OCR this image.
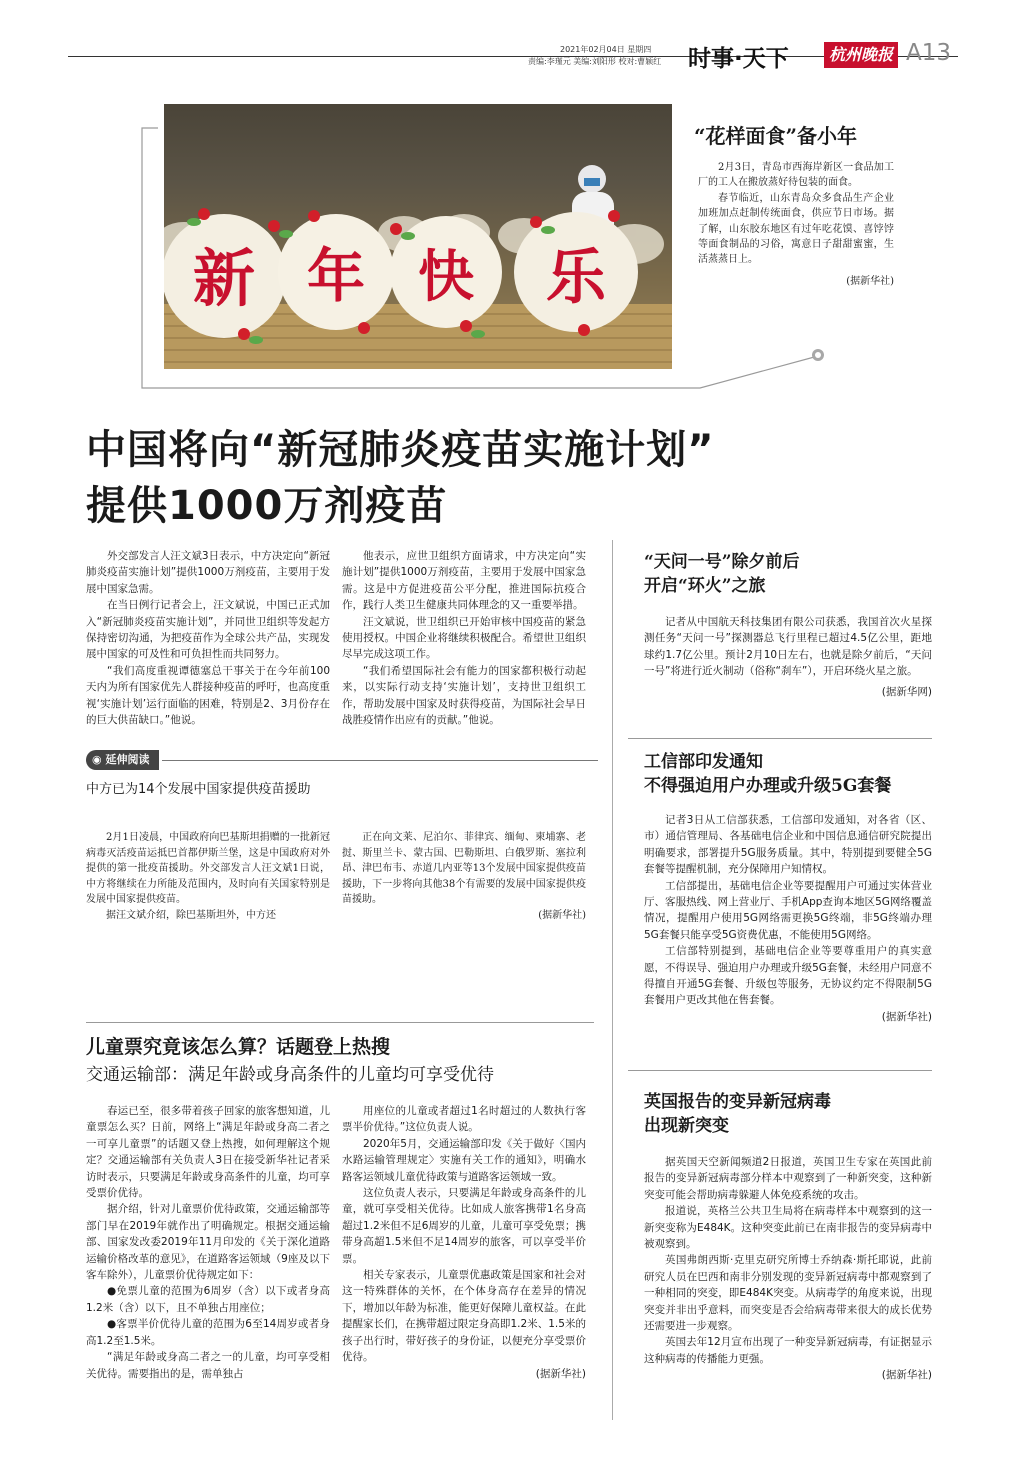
2021年02月04日 星期四
责编:李瑾元 美编:刘阳形 校对:曹颖红 时事·天下	杭州晚报 A13
新 年 快 乐
“花样面食”备小年

2月3日，青岛市西海岸新区一食品加工厂的工人在搬放蒸好待包装的面食。

春节临近，山东青岛众多食品生产企业加班加点赶制传统面食，供应节日市场。据了解，山东胶东地区有过年吃花馍、喜饽饽等面食制品的习俗，寓意日子甜甜蜜蜜，生活蒸蒸日上。

(据新华社)
中国将向“新冠肺炎疫苗实施计划”
提供1000万剂疫苗

外交部发言人汪文斌3日表示，中方决定向“新冠肺炎疫苗实施计划”提供1000万剂疫苗，主要用于发展中国家急需。

在当日例行记者会上，汪文斌说，中国已正式加入“新冠肺炎疫苗实施计划”，并同世卫组织等发起方保持密切沟通，为把疫苗作为全球公共产品，实现发展中国家的可及性和可负担性而共同努力。

“我们高度重视谭德塞总干事关于在今年前100天内为所有国家优先人群接种疫苗的呼吁，也高度重视‘实施计划’运行面临的困难，特别是2、3月份存在的巨大供苗缺口。”他说。

他表示，应世卫组织方面请求，中方决定向“实施计划”提供1000万剂疫苗，主要用于发展中国家急需。这是中方促进疫苗公平分配，推进国际抗疫合作，践行人类卫生健康共同体理念的又一重要举措。

汪文斌说，世卫组织已开始审核中国疫苗的紧急使用授权。中国企业将继续积极配合。希望世卫组织尽早完成这项工作。

“我们希望国际社会有能力的国家都积极行动起来，以实际行动支持‘实施计划’，支持世卫组织工作，帮助发展中国家及时获得疫苗，为国际社会早日战胜疫情作出应有的贡献。”他说。

◉ 延伸阅读
中方已为14个发展中国家提供疫苗援助

2月1日凌晨，中国政府向巴基斯坦捐赠的一批新冠病毒灭活疫苗运抵巴首都伊斯兰堡，这是中国政府对外提供的第一批疫苗援助。外交部发言人汪文斌1日说，中方将继续在力所能及范围内，及时向有关国家特别是发展中国家提供疫苗。

据汪文斌介绍，除巴基斯坦外，中方还

正在向文莱、尼泊尔、菲律宾、缅甸、柬埔寨、老挝、斯里兰卡、蒙古国、巴勒斯坦、白俄罗斯、塞拉利昂、津巴布韦、赤道几内亚等13个发展中国家提供疫苗援助，下一步将向其他38个有需要的发展中国家提供疫苗援助。

(据新华社)
儿童票究竟该怎么算？话题登上热搜
交通运输部：满足年龄或身高条件的儿童均可享受优待

春运已至，很多带着孩子回家的旅客想知道，儿童票怎么买？日前，网络上“满足年龄或身高二者之一可享儿童票”的话题又登上热搜，如何理解这个规定？交通运输部有关负责人3日在接受新华社记者采访时表示，只要满足年龄或身高条件的儿童，均可享受票价优待。

据介绍，针对儿童票价优待政策，交通运输部等部门早在2019年就作出了明确规定。根据交通运输部、国家发改委2019年11月印发的《关于深化道路运输价格改革的意见》，在道路客运领域（9座及以下客车除外），儿童票价优待规定如下：

●免票儿童的范围为6周岁（含）以下或者身高1.2米（含）以下，且不单独占用座位；

●客票半价优待儿童的范围为6至14周岁或者身高1.2至1.5米。

“满足年龄或身高二者之一的儿童，均可享受相关优待。需要指出的是，需单独占

用座位的儿童或者超过1名时超过的人数执行客票半价优待。”这位负责人说。

2020年5月，交通运输部印发《关于做好〈国内水路运输管理规定〉实施有关工作的通知》，明确水路客运领域儿童优待政策与道路客运领域一致。

这位负责人表示，只要满足年龄或身高条件的儿童，就可享受相关优待。比如成人旅客携带1名身高超过1.2米但不足6周岁的儿童，儿童可享受免票；携带身高超1.5米但不足14周岁的旅客，可以享受半价票。

相关专家表示，儿童票优惠政策是国家和社会对这一特殊群体的关怀，在个体身高存在差异的情况下，增加以年龄为标准，能更好保障儿童权益。在此提醒家长们，在携带超过限定身高即1.2米、1.5米的孩子出行时，带好孩子的身份证，以便充分享受票价优待。

(据新华社)
“天问一号”除夕前后
开启“环火”之旅

记者从中国航天科技集团有限公司获悉，我国首次火星探测任务“天问一号”探测器总飞行里程已超过4.5亿公里，距地球约1.7亿公里。预计2月10日左右，也就是除夕前后，“天问一号”将进行近火制动（俗称“刹车”），开启环绕火星之旅。

(据新华网)
工信部印发通知
不得强迫用户办理或升级5G套餐

记者3日从工信部获悉，工信部印发通知，对各省（区、市）通信管理局、各基础电信企业和中国信息通信研究院提出明确要求，部署提升5G服务质量。其中，特别提到要健全5G套餐等提醒机制，充分保障用户知情权。

工信部提出，基础电信企业等要提醒用户可通过实体营业厅、客服热线、网上营业厅、手机App查询本地区5G网络覆盖情况，提醒用户使用5G网络需更换5G终端，非5G终端办理5G套餐只能享受5G资费优惠，不能使用5G网络。

工信部特别提到，基础电信企业等要尊重用户的真实意愿，不得误导、强迫用户办理或升级5G套餐，未经用户同意不得擅自开通5G套餐、升级包等服务，无协议约定不得限制5G套餐用户更改其他在售套餐。

(据新华社)
英国报告的变异新冠病毒
出现新突变

据英国天空新闻频道2日报道，英国卫生专家在英国此前报告的变异新冠病毒部分样本中观察到了一种新突变，这种新突变可能会帮助病毒躲避人体免疫系统的攻击。

报道说，英格兰公共卫生局将在病毒样本中观察到的这一新突变称为E484K。这种突变此前已在南非报告的变异病毒中被观察到。

英国弗朗西斯·克里克研究所博士乔纳森·斯托耶说，此前研究人员在巴西和南非分别发现的变异新冠病毒中都观察到了一种相同的突变，即E484K突变。从病毒学的角度来说，出现突变并非出乎意料，而突变是否会给病毒带来很大的成长优势还需要进一步观察。

英国去年12月宣布出现了一种变异新冠病毒，有证据显示这种病毒的传播能力更强。

(据新华社)
